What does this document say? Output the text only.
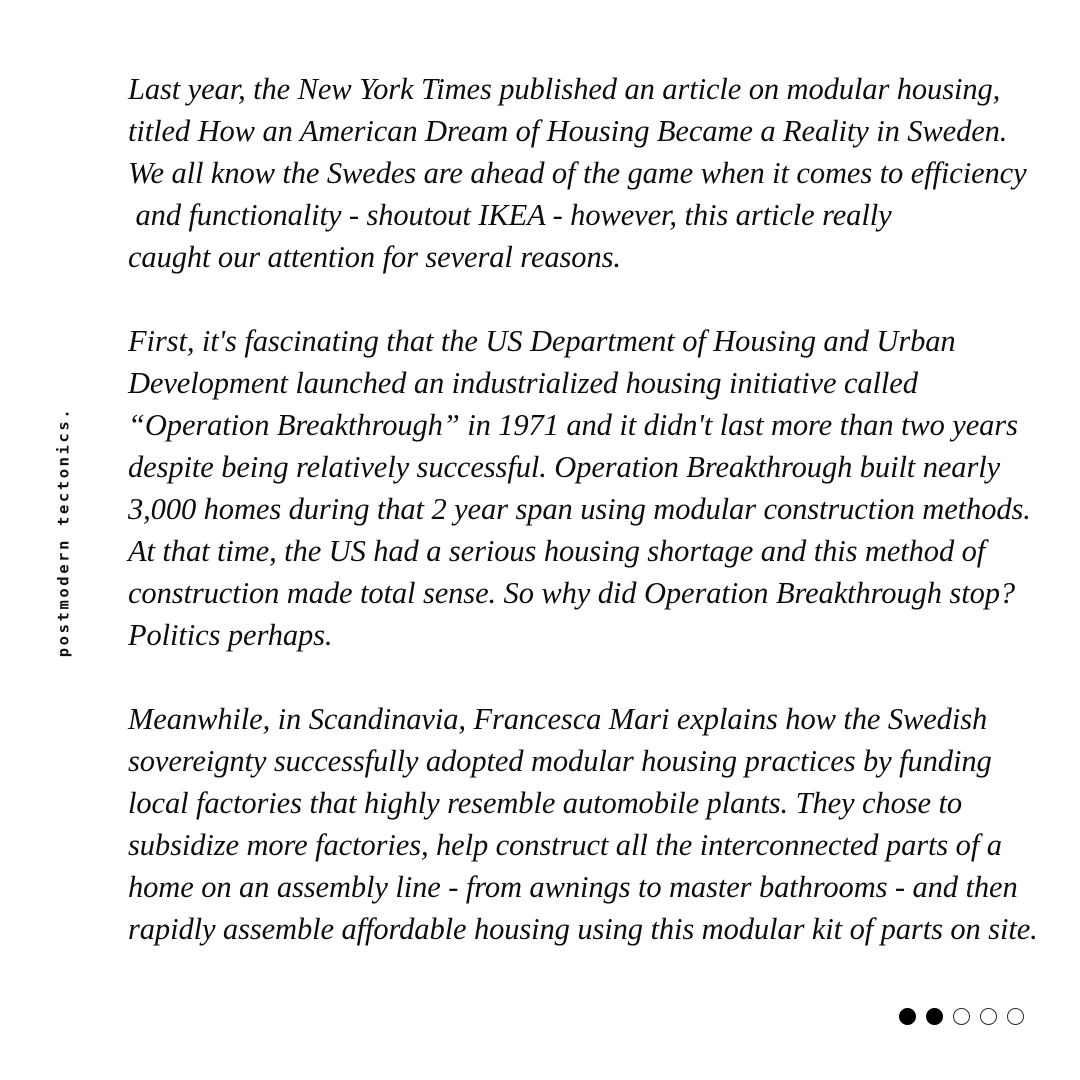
postmodern tectonics.

Last year, the New York Times published an article on modular housing,
titled How an American Dream of Housing Became a Reality in Sweden.
We all know the Swedes are ahead of the game when it comes to efficiency
and functionality - shoutout IKEA - however, this article really
caught our attention for several reasons.

First, it's fascinating that the US Department of Housing and Urban
Development launched an industrialized housing initiative called
“Operation Breakthrough” in 1971 and it didn't last more than two years
despite being relatively successful. Operation Breakthrough built nearly
3,000 homes during that 2 year span using modular construction methods.
At that time, the US had a serious housing shortage and this method of
construction made total sense. So why did Operation Breakthrough stop?
Politics perhaps.

Meanwhile, in Scandinavia, Francesca Mari explains how the Swedish
sovereignty successfully adopted modular housing practices by funding
local factories that highly resemble automobile plants. They chose to
subsidize more factories, help construct all the interconnected parts of a
home on an assembly line - from awnings to master bathrooms - and then
rapidly assemble affordable housing using this modular kit of parts on site.
